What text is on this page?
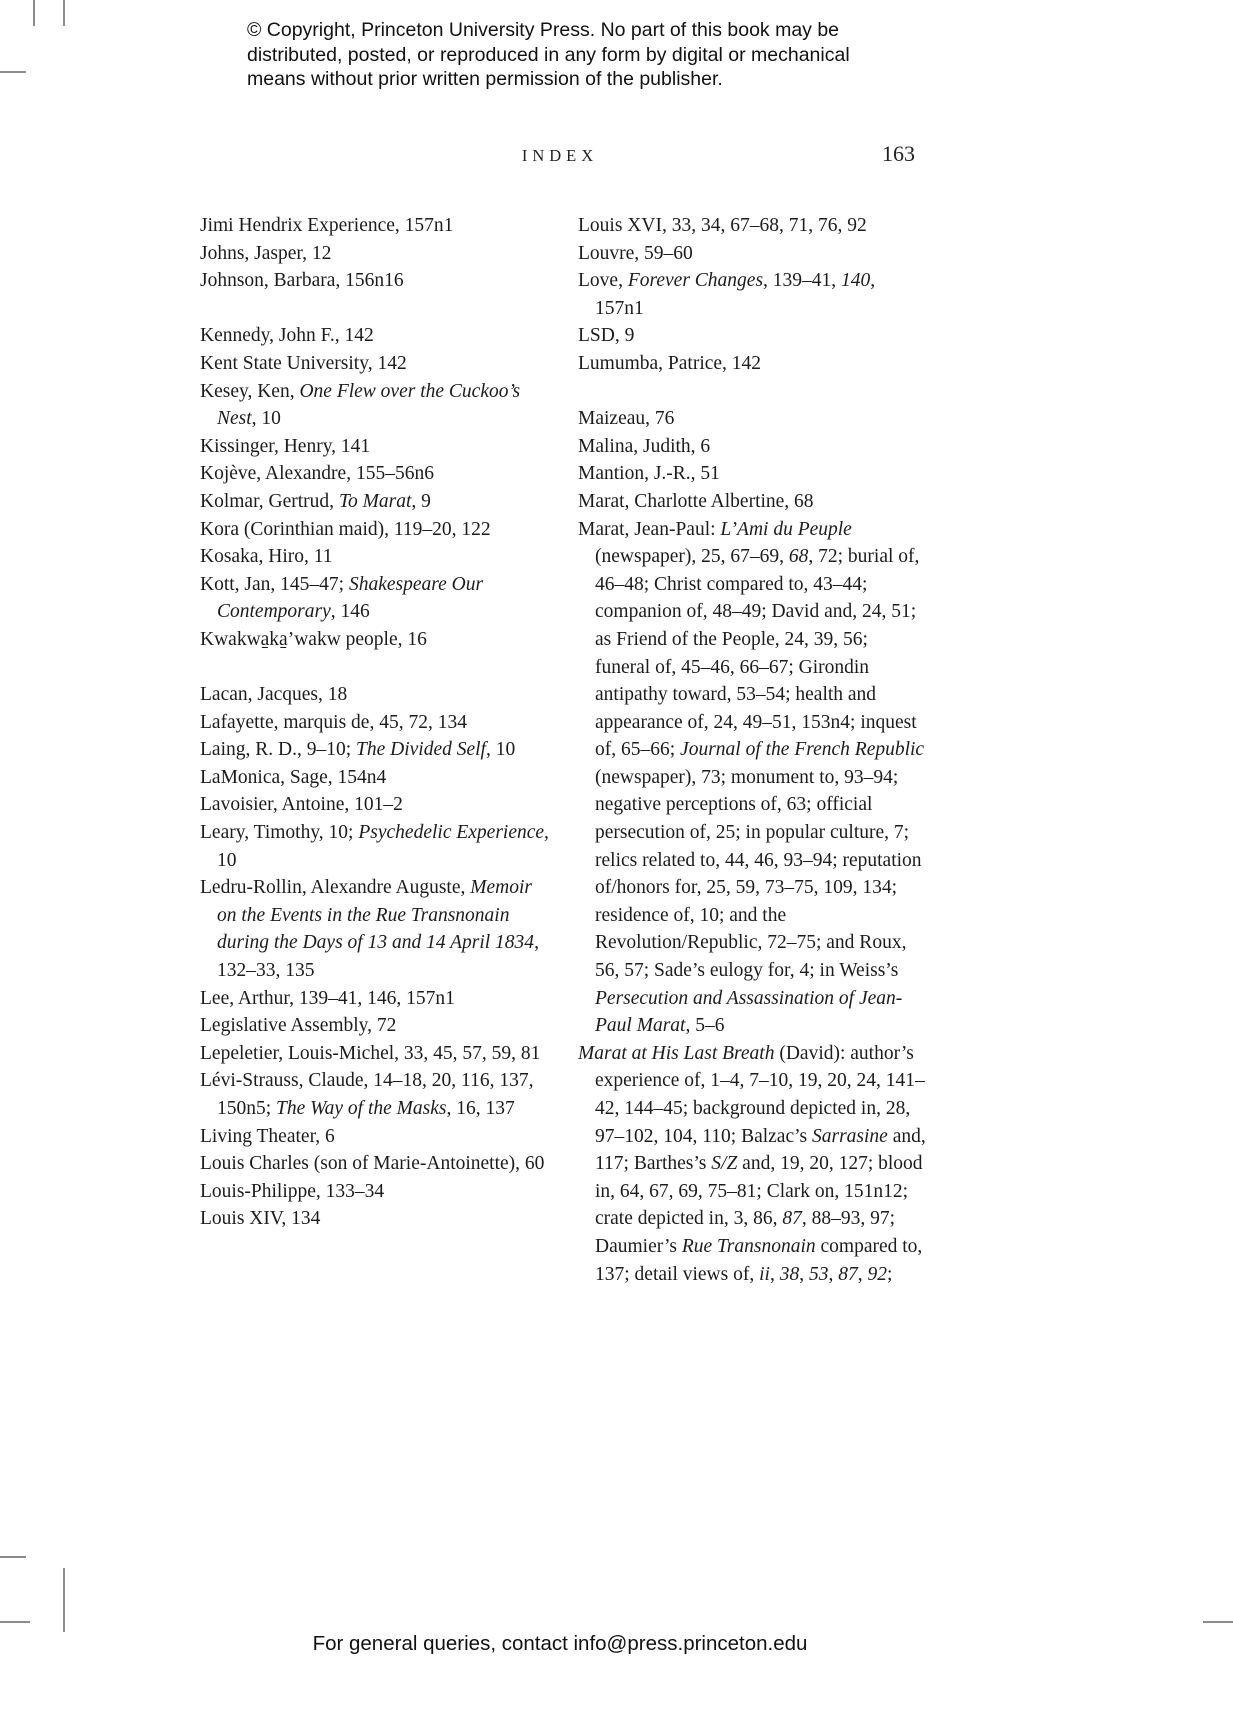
© Copyright, Princeton University Press. No part of this book may be distributed, posted, or reproduced in any form by digital or mechanical means without prior written permission of the publisher.
INDEX	163
Jimi Hendrix Experience, 157n1
Johns, Jasper, 12
Johnson, Barbara, 156n16
Kennedy, John F., 142
Kent State University, 142
Kesey, Ken, One Flew over the Cuckoo’s Nest, 10
Kissinger, Henry, 141
Kojève, Alexandre, 155–56n6
Kolmar, Gertrud, To Marat, 9
Kora (Corinthian maid), 119–20, 122
Kosaka, Hiro, 11
Kott, Jan, 145–47; Shakespeare Our Contemporary, 146
Kwakwa̱ka̱’wakw people, 16
Lacan, Jacques, 18
Lafayette, marquis de, 45, 72, 134
Laing, R. D., 9–10; The Divided Self, 10
LaMonica, Sage, 154n4
Lavoisier, Antoine, 101–2
Leary, Timothy, 10; Psychedelic Experience, 10
Ledru-Rollin, Alexandre Auguste, Memoir on the Events in the Rue Transnonain during the Days of 13 and 14 April 1834, 132–33, 135
Lee, Arthur, 139–41, 146, 157n1
Legislative Assembly, 72
Lepeletier, Louis-Michel, 33, 45, 57, 59, 81
Lévi-Strauss, Claude, 14–18, 20, 116, 137, 150n5; The Way of the Masks, 16, 137
Living Theater, 6
Louis Charles (son of Marie-Antoinette), 60
Louis-Philippe, 133–34
Louis XIV, 134
Louis XVI, 33, 34, 67–68, 71, 76, 92
Louvre, 59–60
Love, Forever Changes, 139–41, 140, 157n1
LSD, 9
Lumumba, Patrice, 142
Maizeau, 76
Malina, Judith, 6
Mantion, J.-R., 51
Marat, Charlotte Albertine, 68
Marat, Jean-Paul: L’Ami du Peuple (newspaper), 25, 67–69, 68, 72; burial of, 46–48; Christ compared to, 43–44; companion of, 48–49; David and, 24, 51; as Friend of the People, 24, 39, 56; funeral of, 45–46, 66–67; Girondin antipathy toward, 53–54; health and appearance of, 24, 49–51, 153n4; inquest of, 65–66; Journal of the French Republic (newspaper), 73; monument to, 93–94; negative perceptions of, 63; official persecution of, 25; in popular culture, 7; relics related to, 44, 46, 93–94; reputation of/honors for, 25, 59, 73–75, 109, 134; residence of, 10; and the Revolution/Republic, 72–75; and Roux, 56, 57; Sade’s eulogy for, 4; in Weiss’s Persecution and Assassination of Jean-Paul Marat, 5–6
Marat at His Last Breath (David): author’s experience of, 1–4, 7–10, 19, 20, 24, 141–42, 144–45; background depicted in, 28, 97–102, 104, 110; Balzac’s Sarrasine and, 117; Barthes’s S/Z and, 19, 20, 127; blood in, 64, 67, 69, 75–81; Clark on, 151n12; crate depicted in, 3, 86, 87, 88–93, 97; Daumier’s Rue Transnonain compared to, 137; detail views of, ii, 38, 53, 87, 92;
For general queries, contact info@press.princeton.edu
